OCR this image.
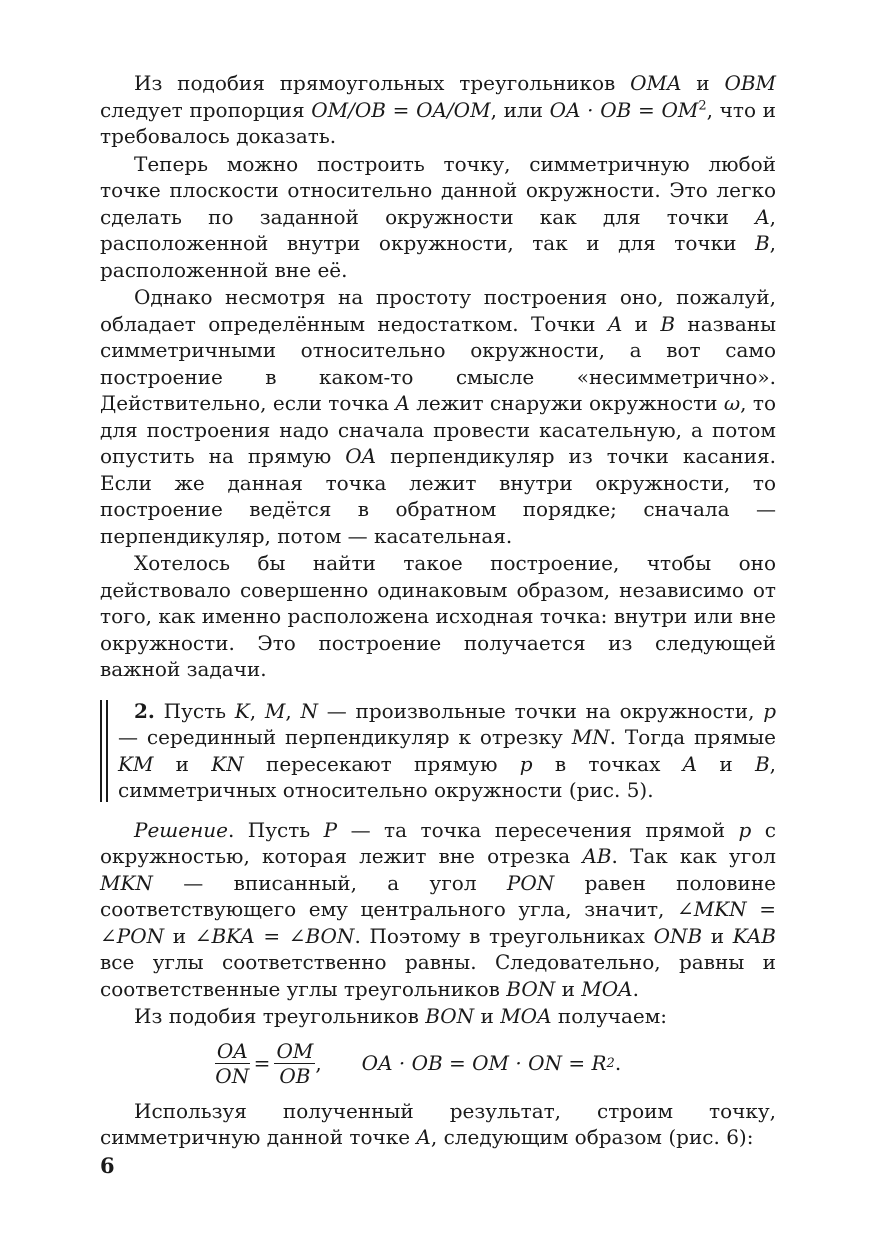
Из подобия прямоугольных треугольников OMA и OBM следует пропорция OM/OB = OA/OM, или OA · OB = $OM^2$, что и требовалось доказать.

Теперь можно построить точку, симметричную любой точке плоскости относительно данной окружности. Это легко сделать по заданной окружности как для точки A, расположенной внутри окружности, так и для точки B, расположенной вне её.

Однако несмотря на простоту построения оно, пожалуй, обладает определённым недостатком. Точки A и B названы симметричными относительно окружности, а вот само построение в каком-то смысле «несимметрично». Действительно, если точка A лежит снаружи окружности ω, то для построения надо сначала провести касательную, а потом опустить на прямую OA перпендикуляр из точки касания. Если же данная точка лежит внутри окружности, то построение ведётся в обратном порядке; сначала — перпендикуляр, потом — касательная.

Хотелось бы найти такое построение, чтобы оно действовало совершенно одинаковым образом, независимо от того, как именно расположена исходная точка: внутри или вне окружности. Это построение получается из следующей важной задачи.

2. Пусть K, M, N — произвольные точки на окружности, p — серединный перпендикуляр к отрезку MN. Тогда прямые KM и KN пересекают прямую p в точках A и B, симметричных относительно окружности (рис. 5).

Решение. Пусть P — та точка пересечения прямой p с окружностью, которая лежит вне отрезка AB. Так как угол MKN — вписанный, а угол PON равен половине соответствующего ему центрального угла, значит, ∠MKN = ∠PON и ∠BKA = ∠BON. Поэтому в треугольниках ONB и KAB все углы соответственно равны. Следовательно, равны и соответственные углы треугольников BON и MOA.

Из подобия треугольников BON и MOA получаем:

$\frac{OA}{ON} = \frac{OM}{OB}$ , OA · OB = OM · ON = R 2 .

Используя полученный результат, строим точку, симметричную данной точке A, следующим образом (рис. 6):

6
